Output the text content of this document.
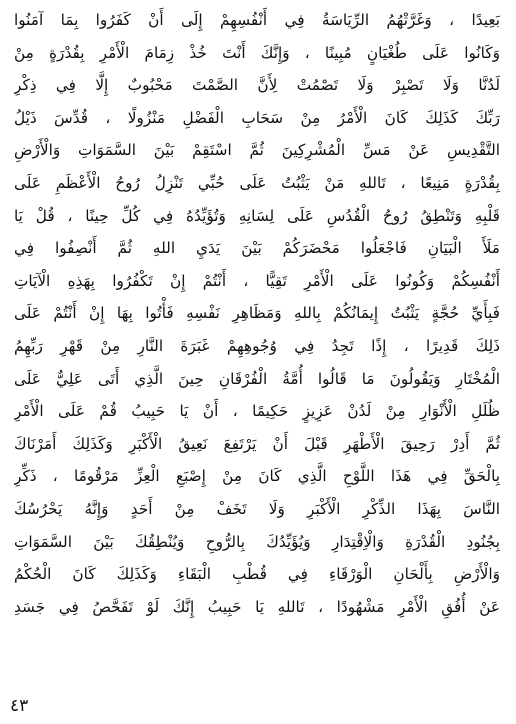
بَعِيدًا ، وَغَرَّتْهُمُ الرِّيَاسَةُ فِي أَنْفُسِهِمْ إِلَى أَنْ كَفَرُوا بِمَا آمَنُوا
وَكَانُوا عَلَى طُغْيَانٍ مُبِينًا ، وَإِنَّكَ أَنْتَ خُذْ زِمَامَ الْأَمْرِ بِقُدْرَةٍ مِنْ
لَدُنَّا وَلَا تَصْبِرْ وَلَا تَصْمُتْ لِأَنَّ الصَّمْتَ مَحْبُوبٌ إِلَّا فِي ذِكْرِ
رَبِّكَ كَذَلِكَ كَانَ الْأَمْرُ مِنْ سَحَابِ الْفَضْلِ مَنْزُولًا ، قُدِّسَ ذَيْلُ
التَّقْدِيسِ عَنْ مَسِّ الْمُشْرِكِينَ ثُمَّ اسْتَقِمْ بَيْنَ السَّمَوَاتِ وَالْأَرْضِ
بِقُدْرَةٍ مَنِيعًا ، تَاللهِ مَنْ يَثْبُتُ عَلَى حُبِّي تَنْزِلُ رُوحُ الْأَعْظَمِ عَلَى
قَلْبِهِ وَتَنْطِقُ رُوحُ الْقُدُسِ عَلَى لِسَانِهِ وَتُؤَيِّدُهُ فِي كُلِّ حِينًا ، قُلْ يَا
مَلَأَ الْبَيَانِ فَاجْعَلُوا مَحْضَرَكُمْ بَيْنَ يَدَيِ اللهِ ثُمَّ أَنْصِفُوا فِي
أَنْفُسِكُمْ وَكُونُوا عَلَى الْأَمْرِ تَقِيًّا ، أَنْتُمْ إِنْ تَكْفُرُوا بِهَذِهِ الْآيَاتِ
فَبِأَيِّ حُجَّةٍ يَثْبُتُ إِيمَانُكُمْ بِاللهِ وَمَظَاهِرِ نَفْسِهِ فَأْتُوا بِهَا إِنْ أَنْتُمْ عَلَى
ذَلِكَ قَدِيرًا ، إِذًا تَجِدُ فِي وُجُوهِهِمْ غَبَرَةَ النَّارِ مِنْ قَهْرِ رَبِّهِمُ
الْمُخْتَارِ وَيَقُولُونَ مَا قَالُوا أُمَّةُ الْفُرْقَانِ حِينَ الَّذِي أَتَى عَلِيٌّ عَلَى
ظُلَلِ الْأَنْوَارِ مِنْ لَدُنْ عَزِيزٍ حَكِيمًا ، أَنْ يَا حَبِيبُ قُمْ عَلَى الْأَمْرِ
ثُمَّ أَدِرْ رَحِيقَ الْأَطْهَرِ قَبْلَ أَنْ يَرْتَفِعَ نَعِيقُ الْأَكْبَرِ وَكَذَلِكَ أَمَرْنَاكَ
بِالْحَقِّ فِي هَذَا اللَّوْحِ الَّذِي كَانَ مِنْ إِصْبَعِ الْعِزِّ مَرْقُومًا ، ذَكِّرِ
النَّاسَ بِهَذَا الذِّكْرِ الْأَكْبَرِ وَلَا تَخَفْ مِنْ أَحَدٍ وَإِنَّهُ يَحْرُسُكَ
بِجُنُودِ الْقُدْرَةِ وَالْاِقْتِدَارِ وَيُؤَيِّدُكَ بِالرُّوحِ وَيُنْطِقُكَ بَيْنَ السَّمَوَاتِ
وَالْأَرْضِ بِأَلْحَانِ الْوَرْقَاءِ فِي قُطْبِ الْبَقَاءِ وَكَذَلِكَ كَانَ الْحُكْمُ
عَنْ أُفُقِ الْأَمْرِ مَشْهُودًا ، تَاللهِ يَا حَبِيبُ إِنَّكَ لَوْ تَفَحَّصُ فِي جَسَدِ
٤٣
